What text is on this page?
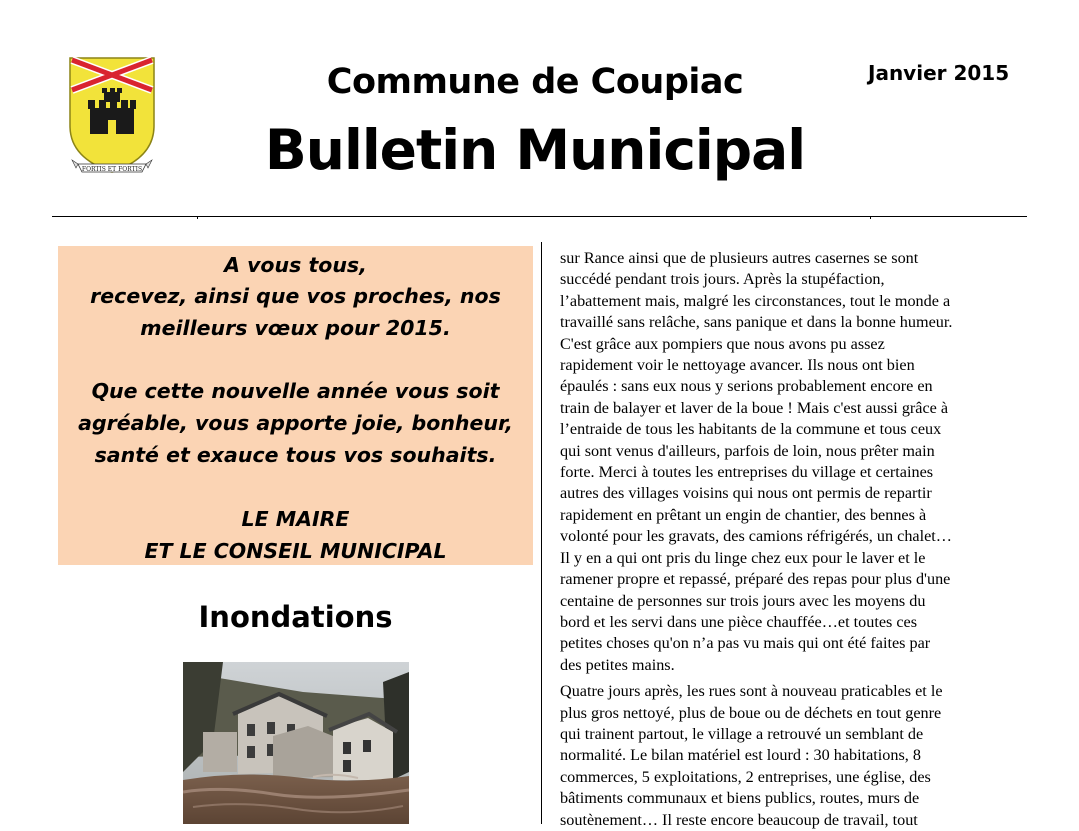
FORTIS ET FORTIS
Commune de Coupiac
Bulletin Municipal
Janvier 2015
A vous tous,
recevez, ainsi que vos proches, nos
meilleurs vœux pour 2015.
Que cette nouvelle année vous soit
agréable, vous apporte joie, bonheur,
santé et exauce tous vos souhaits.
LE MAIRE
ET LE CONSEIL MUNICIPAL
Inondations

sur Rance ainsi que de plusieurs autres casernes se sont
succédé pendant trois jours. Après la stupéfaction,
l’abattement mais, malgré les circonstances, tout le monde a
travaillé sans relâche, sans panique et dans la bonne humeur.
C'est grâce aux pompiers que nous avons pu assez
rapidement voir le nettoyage avancer. Ils nous ont bien
épaulés : sans eux nous y serions probablement encore en
train de balayer et laver de la boue ! Mais c'est aussi grâce à
l’entraide de tous les habitants de la commune et tous ceux
qui sont venus d'ailleurs, parfois de loin, nous prêter main
forte. Merci à toutes les entreprises du village et certaines
autres des villages voisins qui nous ont permis de repartir
rapidement en prêtant un engin de chantier, des bennes à
volonté pour les gravats, des camions réfrigérés, un chalet…
Il y en a qui ont pris du linge chez eux pour le laver et le
ramener propre et repassé, préparé des repas pour plus d'une
centaine de personnes sur trois jours avec les moyens du
bord et les servi dans une pièce chauffée…et toutes ces
petites choses qu'on n’a pas vu mais qui ont été faites par
des petites mains.

Quatre jours après, les rues sont à nouveau praticables et le
plus gros nettoyé, plus de boue ou de déchets en tout genre
qui trainent partout, le village a retrouvé un semblant de
normalité. Le bilan matériel est lourd : 30 habitations, 8
commerces, 5 exploitations, 2 entreprises, une église, des
bâtiments communaux et biens publics, routes, murs de
soutènement… Il reste encore beaucoup de travail, tout
